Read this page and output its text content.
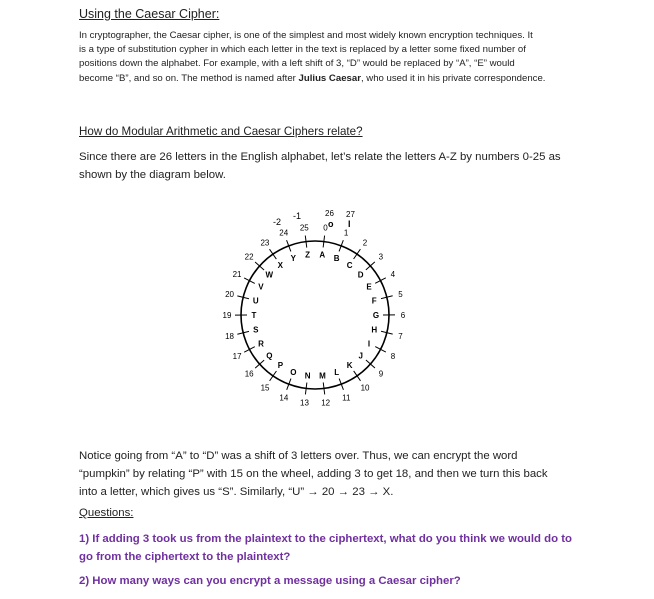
Using the Caesar Cipher:
In cryptographer, the Caesar cipher, is one of the simplest and most widely known encryption techniques. It
is a type of substitution cypher in which each letter in the text is replaced by a letter some fixed number of
positions down the alphabet. For example, with a left shift of 3, “D” would be replaced by “A”, “E” would
become “B”, and so on. The method is named after Julius Caesar, who used it in his private correspondence.
How do Modular Arithmetic and Caesar Ciphers relate?
Since there are 26 letters in the English alphabet, let’s relate the letters A-Z by numbers 0-25 as
shown by the diagram below.
A B
C
D
E
F
G
H
I
J
K
L
M
N
O
P
Q
R
S
T
U
V
W
X
Y Z
0
1
2
3
4
5
6
7
8
9
10
11
12
13
14
15
16
17
18
19
20
21
22
23
24
25
-2
-1	26 27
o I
Notice going from “A” to “D” was a shift of 3 letters over. Thus, we can encrypt the word
“pumpkin” by relating “P” with 15 on the wheel, adding 3 to get 18, and then we turn this back
into a letter, which gives us “S”. Similarly, “U” → 20 → 23 → X.
Questions:
1) If adding 3 took us from the plaintext to the ciphertext, what do you think we would do to
go from the ciphertext to the plaintext?
2) How many ways can you encrypt a message using a Caesar cipher?
